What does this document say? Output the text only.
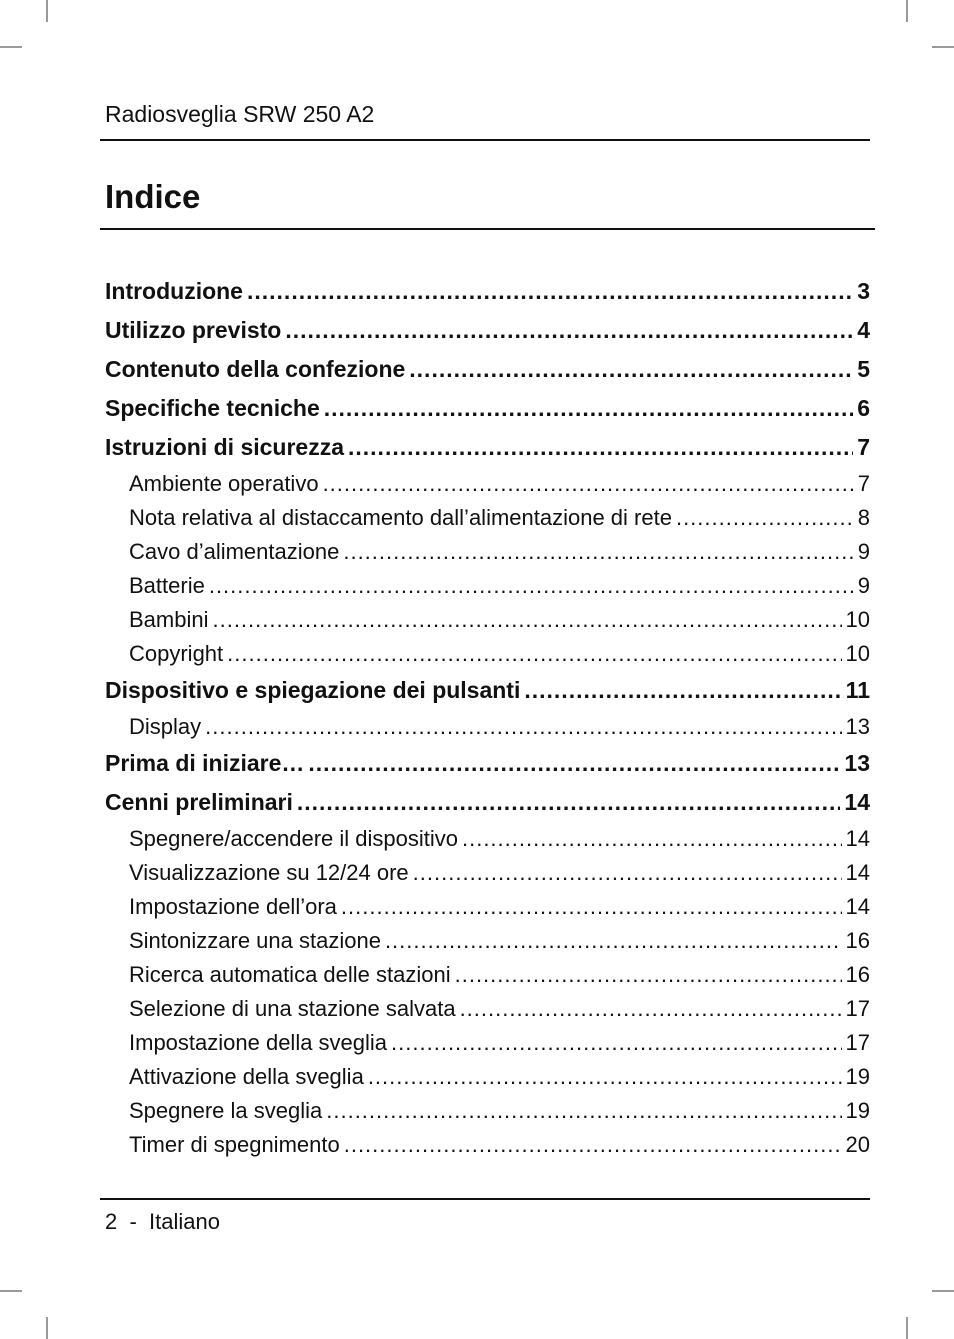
Radiosveglia SRW 250 A2
Indice
Introduzione .....	3
Utilizzo previsto .....	4
Contenuto della confezione .....	5
Specifiche tecniche .....	6
Istruzioni di sicurezza .....	7
Ambiente operativo .....	7
Nota relativa al distaccamento dall’alimentazione di rete .....	8
Cavo d’alimentazione .....	9
Batterie .....	9
Bambini .....	10
Copyright .....	10
Dispositivo e spiegazione dei pulsanti .....	11
Display .....	13
Prima di iniziare… .....	13
Cenni preliminari .....	14
Spegnere/accendere il dispositivo .....	14
Visualizzazione su 12/24 ore .....	14
Impostazione dell’ora .....	14
Sintonizzare una stazione .....	16
Ricerca automatica delle stazioni .....	16
Selezione di una stazione salvata .....	17
Impostazione della sveglia .....	17
Attivazione della sveglia .....	19
Spegnere la sveglia .....	19
Timer di spegnimento .....	20
2 - Italiano
